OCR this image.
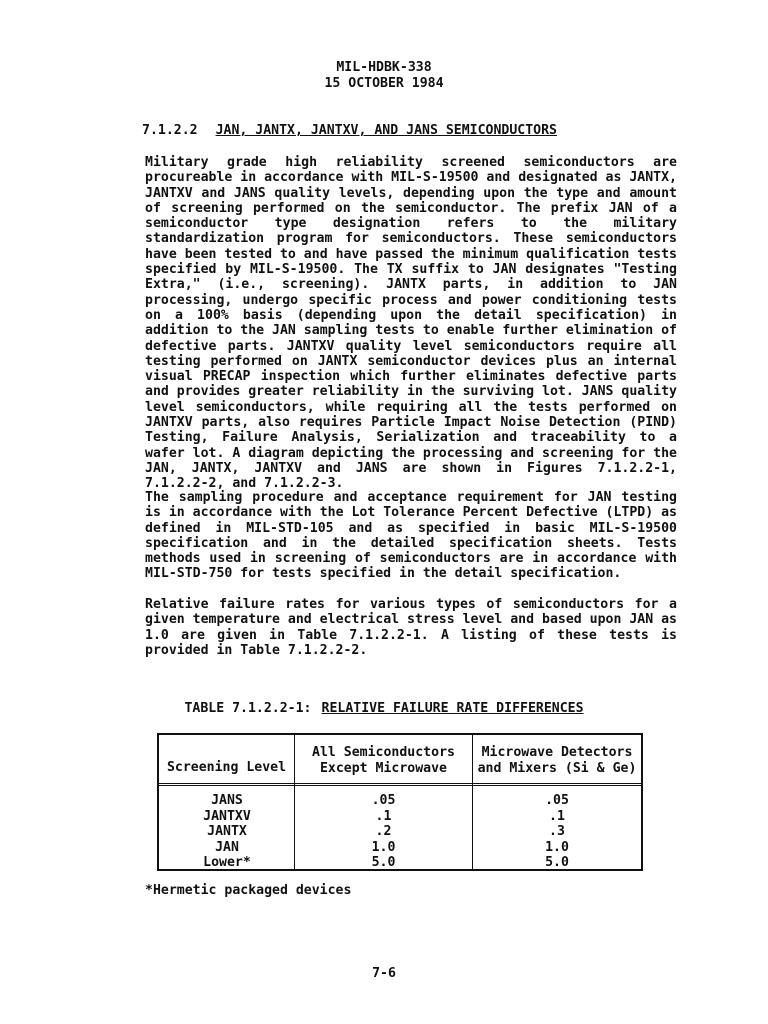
MIL-HDBK-338
15 OCTOBER 1984
7.1.2.2 JAN, JANTX, JANTXV, AND JANS SEMICONDUCTORS
Military grade high reliability screened semiconductors are procureable in accordance with MIL-S-19500 and designated as JANTX, JANTXV and JANS quality levels, depending upon the type and amount of screening performed on the semiconductor. The prefix JAN of a semiconductor type designation refers to the military standardization program for semiconductors. These semiconductors have been tested to and have passed the minimum qualification tests specified by MIL-S-19500. The TX suffix to JAN designates "Testing Extra," (i.e., screening). JANTX parts, in addition to JAN processing, undergo specific process and power conditioning tests on a 100% basis (depending upon the detail specification) in addition to the JAN sampling tests to enable further elimination of defective parts. JANTXV quality level semiconductors require all testing performed on JANTX semiconductor devices plus an internal visual PRECAP inspection which further eliminates defective parts and provides greater reliability in the surviving lot. JANS quality level semiconductors, while requiring all the tests performed on JANTXV parts, also requires Particle Impact Noise Detection (PIND) Testing, Failure Analysis, Serialization and traceability to a wafer lot. A diagram depicting the processing and screening for the JAN, JANTX, JANTXV and JANS are shown in Figures 7.1.2.2-1, 7.1.2.2-2, and 7.1.2.2-3.
The sampling procedure and acceptance requirement for JAN testing is in accordance with the Lot Tolerance Percent Defective (LTPD) as defined in MIL-STD-105 and as specified in basic MIL-S-19500 specification and in the detailed specification sheets. Tests methods used in screening of semiconductors are in accordance with MIL-STD-750 for tests specified in the detail specification.
Relative failure rates for various types of semiconductors for a given temperature and electrical stress level and based upon JAN as 1.0 are given in Table 7.1.2.2-1. A listing of these tests is provided in Table 7.1.2.2-2.
TABLE 7.1.2.2-1: RELATIVE FAILURE RATE DIFFERENCES
Screening Level
All Semiconductors
Except Microwave
Microwave Detectors
and Mixers (Si & Ge)
JANS
JANTXV
JANTX
JAN
Lower*
.05
.1
.2
1.0
5.0
.05
.1
.3
1.0
5.0
*Hermetic packaged devices
7-6
